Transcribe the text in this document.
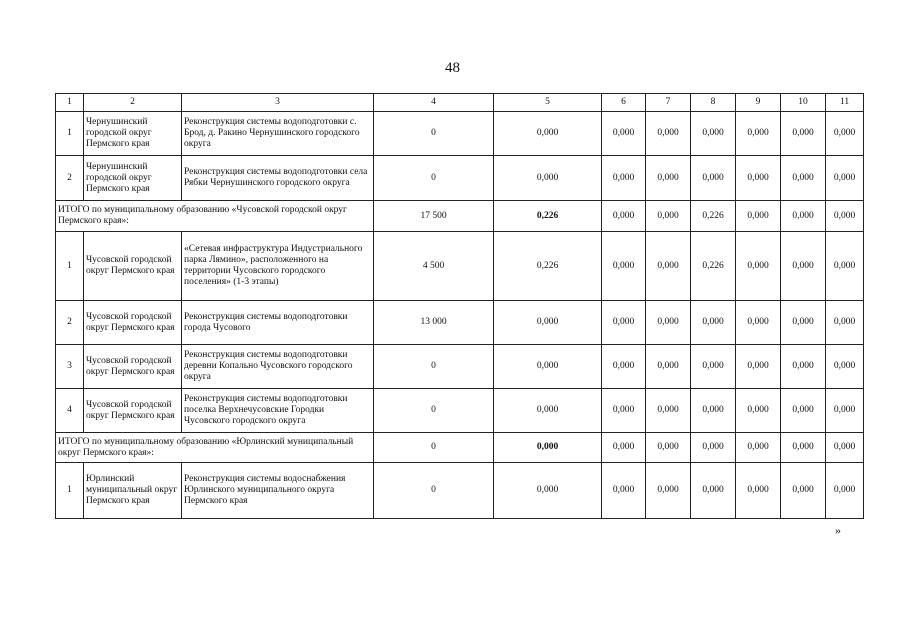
48
1	2	3	4	5	6	7	8	9	10	11
1	Чернушинский городской округ Пермского края	Реконструкция системы водоподготовки с. Брод, д. Ракино Чернушинского городского округа	0	0,000	0,000	0,000	0,000	0,000	0,000	0,000
2	Чернушинский городской округ Пермского края	Реконструкция системы водоподготовки села Рябки Чернушинского городского округа	0	0,000	0,000	0,000	0,000	0,000	0,000	0,000
ИТОГО по муниципальному образованию «Чусовской городской округ Пермского края»:			17 500	0,226	0,000	0,000	0,226	0,000	0,000	0,000
1	Чусовской городской округ Пермского края	«Сетевая инфраструктура Индустриального парка Лямино», расположенного на территории Чусовского городского поселения» (1-3 этапы)	4 500	0,226	0,000	0,000	0,226	0,000	0,000	0,000
2	Чусовской городской округ Пермского края	Реконструкция системы водоподготовки города Чусового	13 000	0,000	0,000	0,000	0,000	0,000	0,000	0,000
3	Чусовской городской округ Пермского края	Реконструкция системы водоподготовки деревни Копально Чусовского городского округа	0	0,000	0,000	0,000	0,000	0,000	0,000	0,000
4	Чусовской городской округ Пермского края	Реконструкция системы водоподготовки поселка Верхнечусовские Городки Чусовского городского округа	0	0,000	0,000	0,000	0,000	0,000	0,000	0,000
ИТОГО по муниципальному образованию «Юрлинский муниципальный округ Пермского края»:			0	0,000	0,000	0,000	0,000	0,000	0,000	0,000
1	Юрлинский муниципальный округ Пермского края	Реконструкция системы водоснабжения Юрлинского муниципального округа Пермского края	0	0,000	0,000	0,000	0,000	0,000	0,000	0,000
»
